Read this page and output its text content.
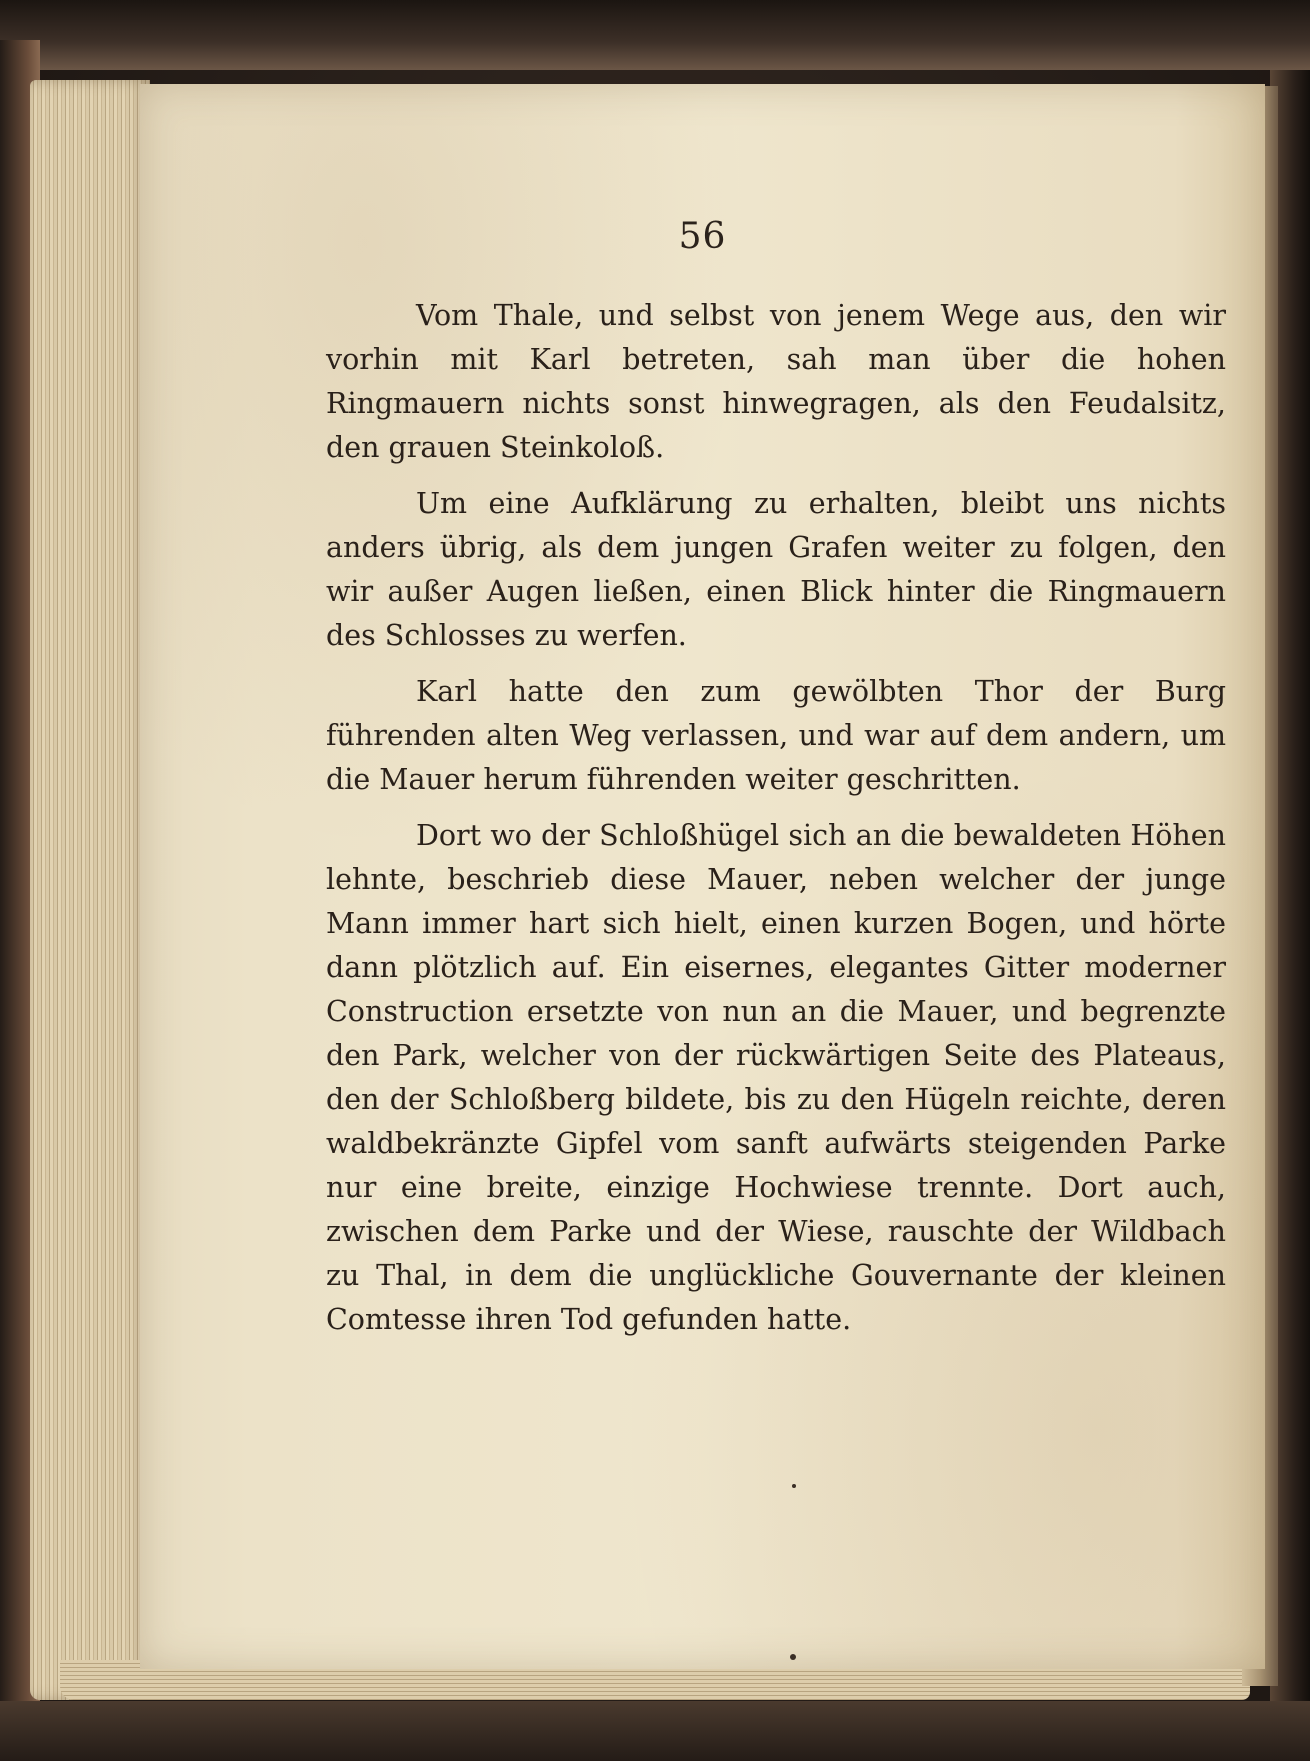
56

Vom Thale, und selbst von jenem Wege aus, den wir vorhin mit Karl betreten, sah man über die hohen Ringmauern nichts sonst hinwegragen, als den Feudalsitz, den grauen Steinkoloß.

Um eine Aufklärung zu erhalten, bleibt uns nichts anders übrig, als dem jungen Grafen weiter zu folgen, den wir außer Augen ließen, einen Blick hinter die Ringmauern des Schlosses zu werfen.

Karl hatte den zum gewölbten Thor der Burg führenden alten Weg verlassen, und war auf dem andern, um die Mauer herum führenden weiter geschritten.

Dort wo der Schloßhügel sich an die bewaldeten Höhen lehnte, beschrieb diese Mauer, neben welcher der junge Mann immer hart sich hielt, einen kurzen Bogen, und hörte dann plötzlich auf. Ein eisernes, elegantes Gitter moderner Construction ersetzte von nun an die Mauer, und begrenzte den Park, welcher von der rückwärtigen Seite des Plateaus, den der Schloßberg bildete, bis zu den Hügeln reichte, deren waldbekränzte Gipfel vom sanft aufwärts steigenden Parke nur eine breite, einzige Hochwiese trennte. Dort auch, zwischen dem Parke und der Wiese, rauschte der Wildbach zu Thal, in dem die unglückliche Gouvernante der kleinen Comtesse ihren Tod gefunden hatte.
